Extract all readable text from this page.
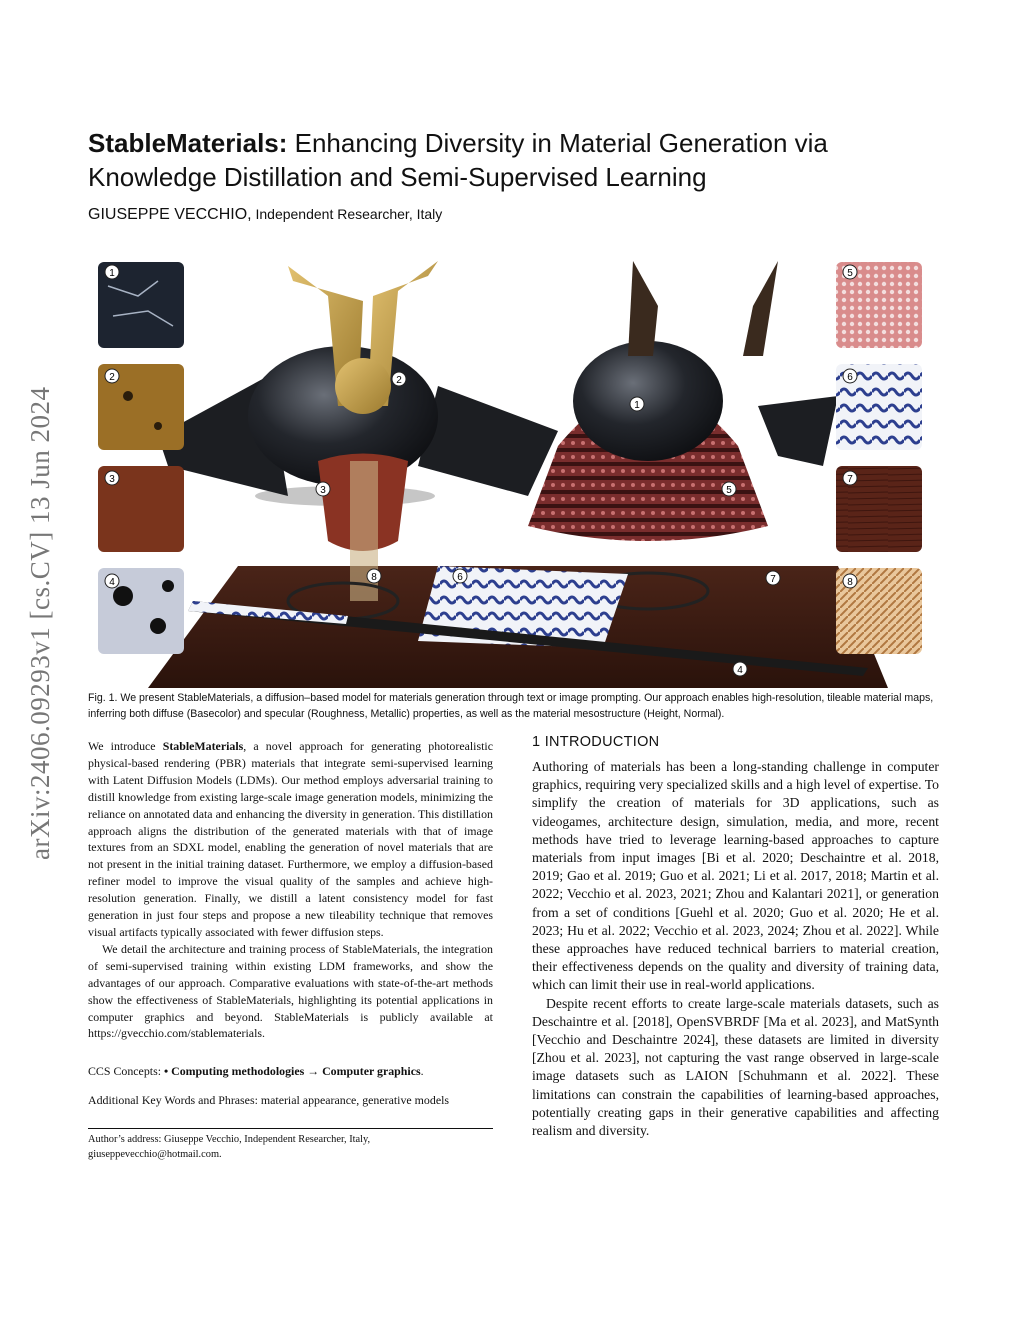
arXiv:2406.09293v1 [cs.CV] 13 Jun 2024
StableMaterials: Enhancing Diversity in Material Generation via Knowledge Distillation and Semi-Supervised Learning
GIUSEPPE VECCHIO, Independent Researcher, Italy
1
2
3
4
5
6
7
8
1
2
3
4
5
6	7
8
Fig. 1. We present StableMaterials, a diffusion–based model for materials generation through text or image prompting. Our approach enables high-resolution, tileable material maps, inferring both diffuse (Basecolor) and specular (Roughness, Metallic) properties, as well as the material mesostructure (Height, Normal).

We introduce StableMaterials, a novel approach for generating photorealistic physical-based rendering (PBR) materials that integrate semi-supervised learning with Latent Diffusion Models (LDMs). Our method employs adversarial training to distill knowledge from existing large-scale image generation models, minimizing the reliance on annotated data and enhancing the diversity in generation. This distillation approach aligns the distribution of the generated materials with that of image textures from an SDXL model, enabling the generation of novel materials that are not present in the initial training dataset. Furthermore, we employ a diffusion-based refiner model to improve the visual quality of the samples and achieve high-resolution generation. Finally, we distill a latent consistency model for fast generation in just four steps and propose a new tileability technique that removes visual artifacts typically associated with fewer diffusion steps.

We detail the architecture and training process of StableMaterials, the integration of semi-supervised training within existing LDM frameworks, and show the advantages of our approach. Comparative evaluations with state-of-the-art methods show the effectiveness of StableMaterials, highlighting its potential applications in computer graphics and beyond. StableMaterials is publicly available at https://gvecchio.com/stablematerials.

CCS Concepts: • Computing methodologies → Computer graphics.
Additional Key Words and Phrases: material appearance, generative models
Author’s address: Giuseppe Vecchio, Independent Researcher, Italy, giuseppevecchio@hotmail.com.
1 INTRODUCTION

Authoring of materials has been a long-standing challenge in computer graphics, requiring very specialized skills and a high level of expertise. To simplify the creation of materials for 3D applications, such as videogames, architecture design, simulation, media, and more, recent methods have tried to leverage learning-based approaches to capture materials from input images [Bi et al. 2020; Deschaintre et al. 2018, 2019; Gao et al. 2019; Guo et al. 2021; Li et al. 2017, 2018; Martin et al. 2022; Vecchio et al. 2023, 2021; Zhou and Kalantari 2021], or generation from a set of conditions [Guehl et al. 2020; Guo et al. 2020; He et al. 2023; Hu et al. 2022; Vecchio et al. 2023, 2024; Zhou et al. 2022]. While these approaches have reduced technical barriers to material creation, their effectiveness depends on the quality and diversity of training data, which can limit their use in real-world applications.

Despite recent efforts to create large-scale materials datasets, such as Deschaintre et al. [2018], OpenSVBRDF [Ma et al. 2023], and MatSynth [Vecchio and Deschaintre 2024], these datasets are limited in diversity [Zhou et al. 2023], not capturing the vast range observed in large-scale image datasets such as LAION [Schuhmann et al. 2022]. These limitations can constrain the capabilities of learning-based approaches, potentially creating gaps in their generative capabilities and affecting realism and diversity.
